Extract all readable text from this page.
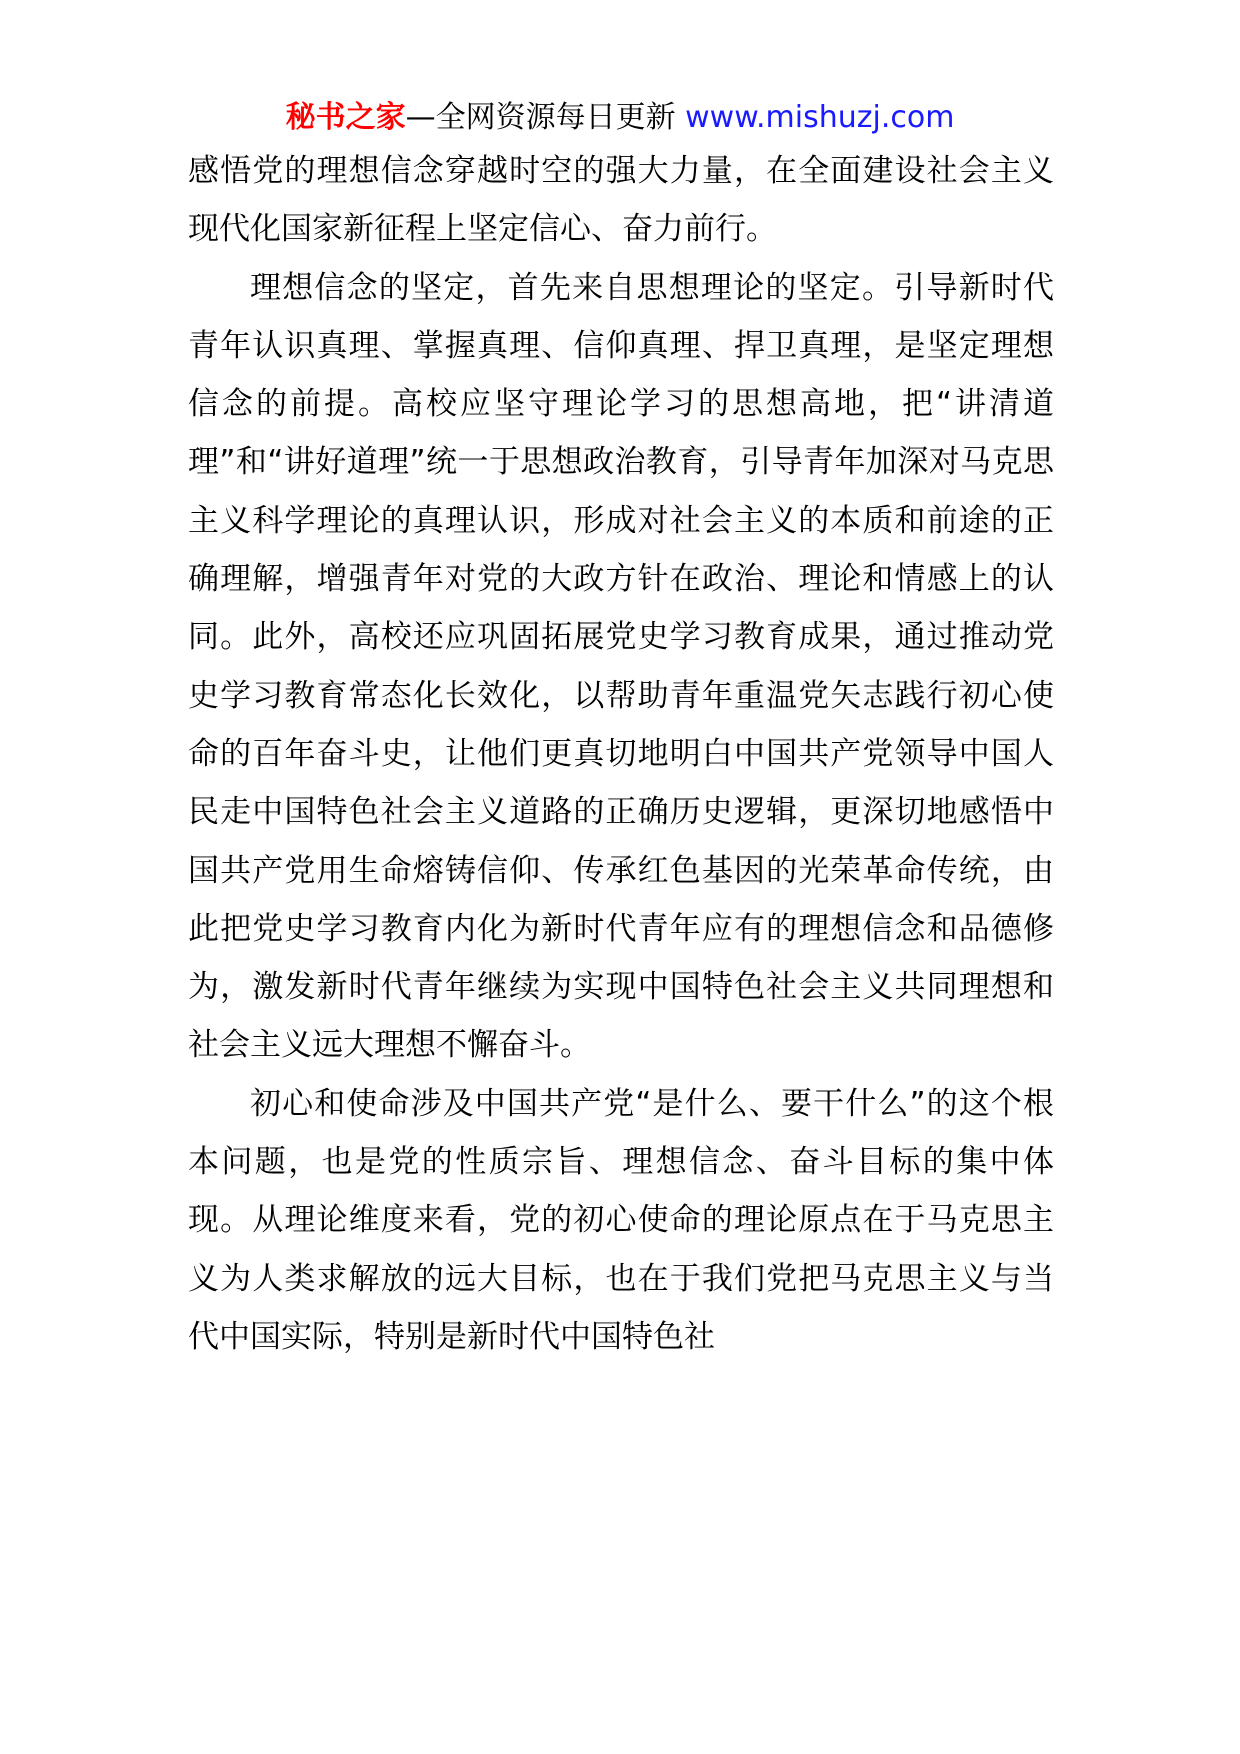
秘书之家—全网资源每日更新 www.mishuzj.com

感悟党的理想信念穿越时空的强大力量，在全面建设社会主义现代化国家新征程上坚定信心、奋力前行。

理想信念的坚定，首先来自思想理论的坚定。引导新时代青年认识真理、掌握真理、信仰真理、捍卫真理，是坚定理想信念的前提。高校应坚守理论学习的思想高地，把“讲清道理”和“讲好道理”统一于思想政治教育，引导青年加深对马克思主义科学理论的真理认识，形成对社会主义的本质和前途的正确理解，增强青年对党的大政方针在政治、理论和情感上的认同。此外，高校还应巩固拓展党史学习教育成果，通过推动党史学习教育常态化长效化，以帮助青年重温党矢志践行初心使命的百年奋斗史，让他们更真切地明白中国共产党领导中国人民走中国特色社会主义道路的正确历史逻辑，更深切地感悟中国共产党用生命熔铸信仰、传承红色基因的光荣革命传统，由此把党史学习教育内化为新时代青年应有的理想信念和品德修为，激发新时代青年继续为实现中国特色社会主义共同理想和社会主义远大理想不懈奋斗。

初心和使命涉及中国共产党“是什么、要干什么”的这个根本问题，也是党的性质宗旨、理想信念、奋斗目标的集中体现。从理论维度来看，党的初心使命的理论原点在于马克思主义为人类求解放的远大目标，也在于我们党把马克思主义与当代中国实际，特别是新时代中国特色社
